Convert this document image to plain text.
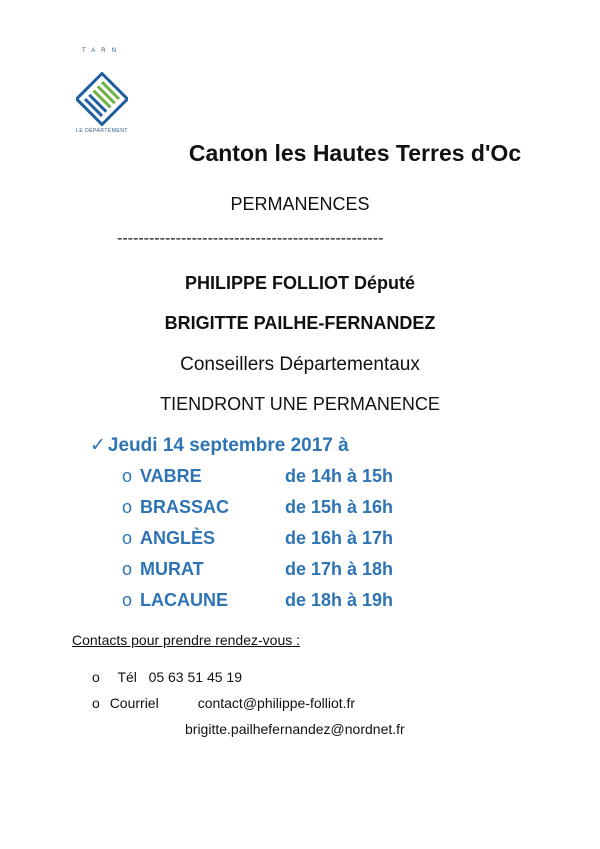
TARN
LE DÉPARTEMENT
Canton les Hautes Terres d'Oc
PERMANENCES
--------------------------------------------------
PHILIPPE FOLLIOT Député
BRIGITTE PAILHE-FERNANDEZ
Conseillers Départementaux
TIENDRONT UNE PERMANENCE
✓ Jeudi 14 septembre 2017 à
o VABRE	de 14h à 15h
o BRASSAC	de 15h à 16h
o ANGLÈS	de 16h à 17h
o MURAT	de 17h à 18h
o LACAUNE	de 18h à 19h
Contacts pour prendre rendez-vous :
o Tél 05 63 51 45 19
o Courriel	contact@philippe-folliot.fr
brigitte.pailhefernandez@nordnet.fr
